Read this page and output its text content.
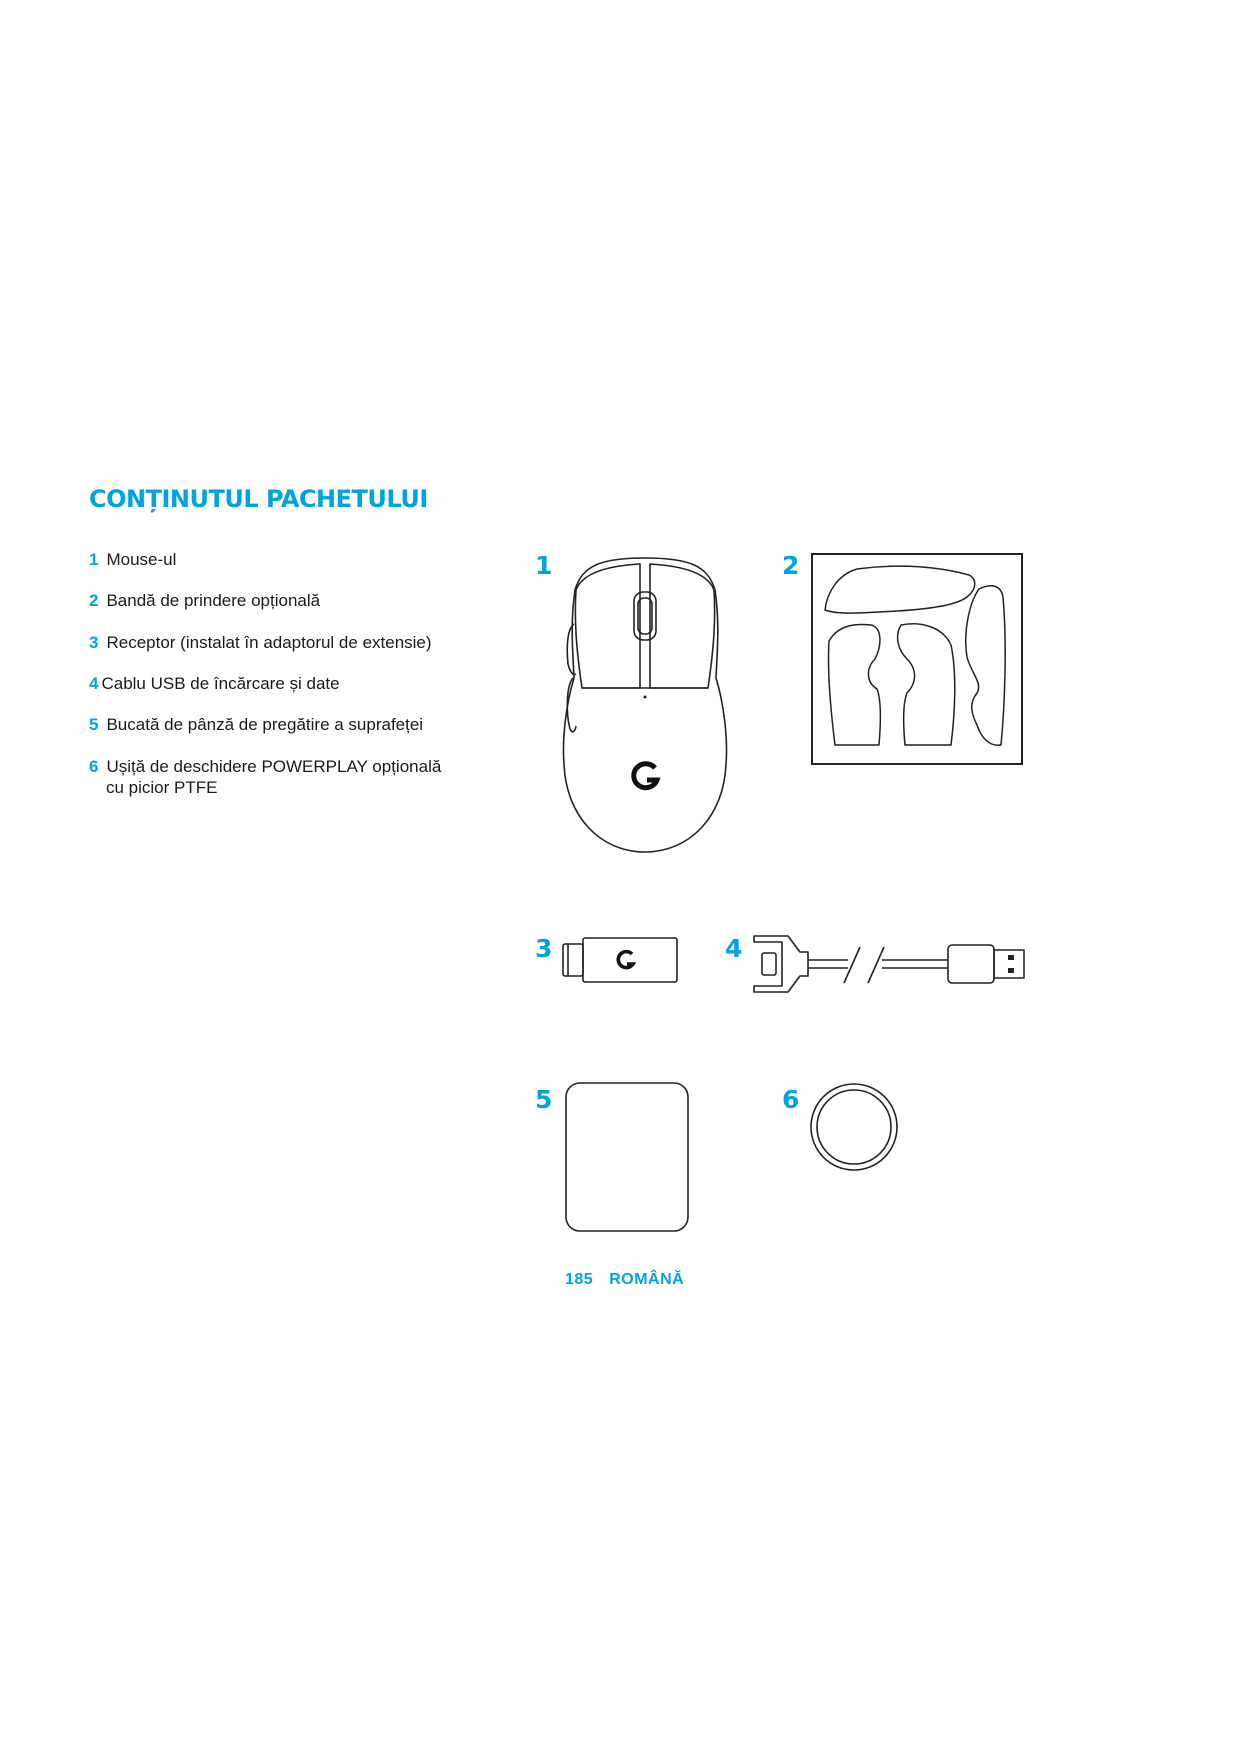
CONȚINUTUL PACHETULUI
1 Mouse-ul
2 Bandă de prindere opțională
3 Receptor (instalat în adaptorul de extensie)
4 Cablu USB de încărcare și date
5 Bucată de pânză de pregătire a suprafeței
6 Ușiță de deschidere POWERPLAY opțională
cu picior PTFE
1	2
3	4
5	6
185 ROMÂNĂ
